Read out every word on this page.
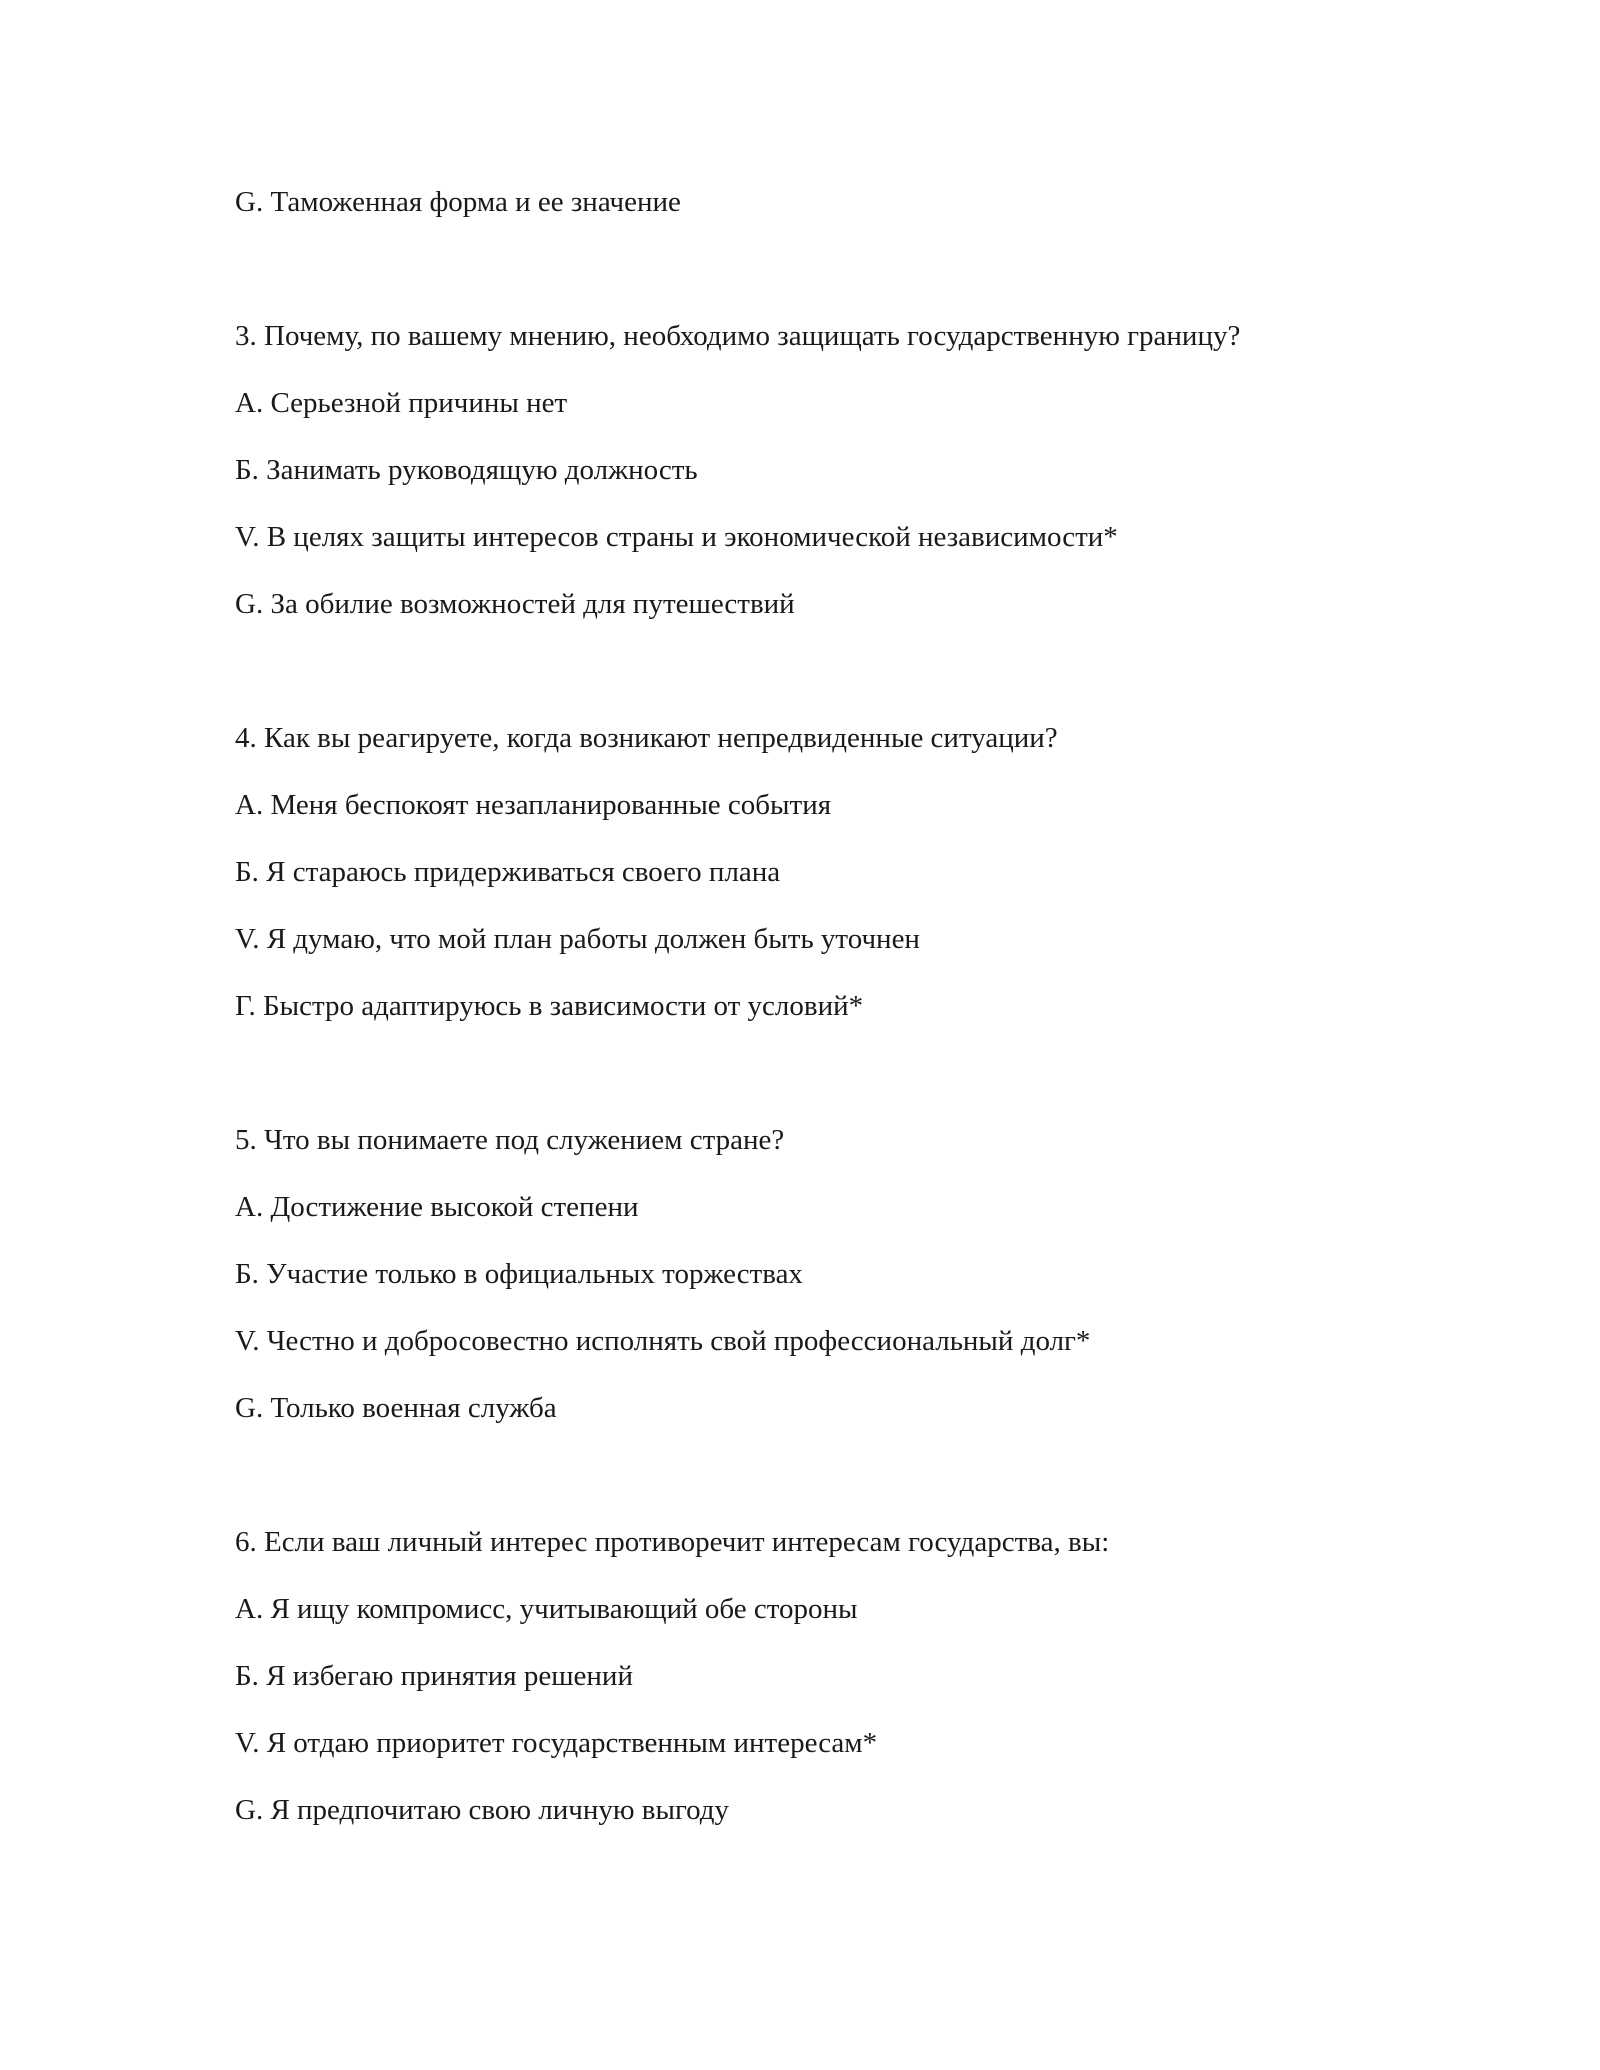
G. Таможенная форма и ее значение
3. Почему, по вашему мнению, необходимо защищать государственную границу?
A. Серьезной причины нет
Б. Занимать руководящую должность
V. В целях защиты интересов страны и экономической независимости*
G. За обилие возможностей для путешествий
4. Как вы реагируете, когда возникают непредвиденные ситуации?
A. Меня беспокоят незапланированные события
Б. Я стараюсь придерживаться своего плана
V. Я думаю, что мой план работы должен быть уточнен
Г. Быстро адаптируюсь в зависимости от условий*
5. Что вы понимаете под служением стране?
A. Достижение высокой степени
Б. Участие только в официальных торжествах
V. Честно и добросовестно исполнять свой профессиональный долг*
G. Только военная служба
6. Если ваш личный интерес противоречит интересам государства, вы:
A. Я ищу компромисс, учитывающий обе стороны
Б. Я избегаю принятия решений
V. Я отдаю приоритет государственным интересам*
G. Я предпочитаю свою личную выгоду
